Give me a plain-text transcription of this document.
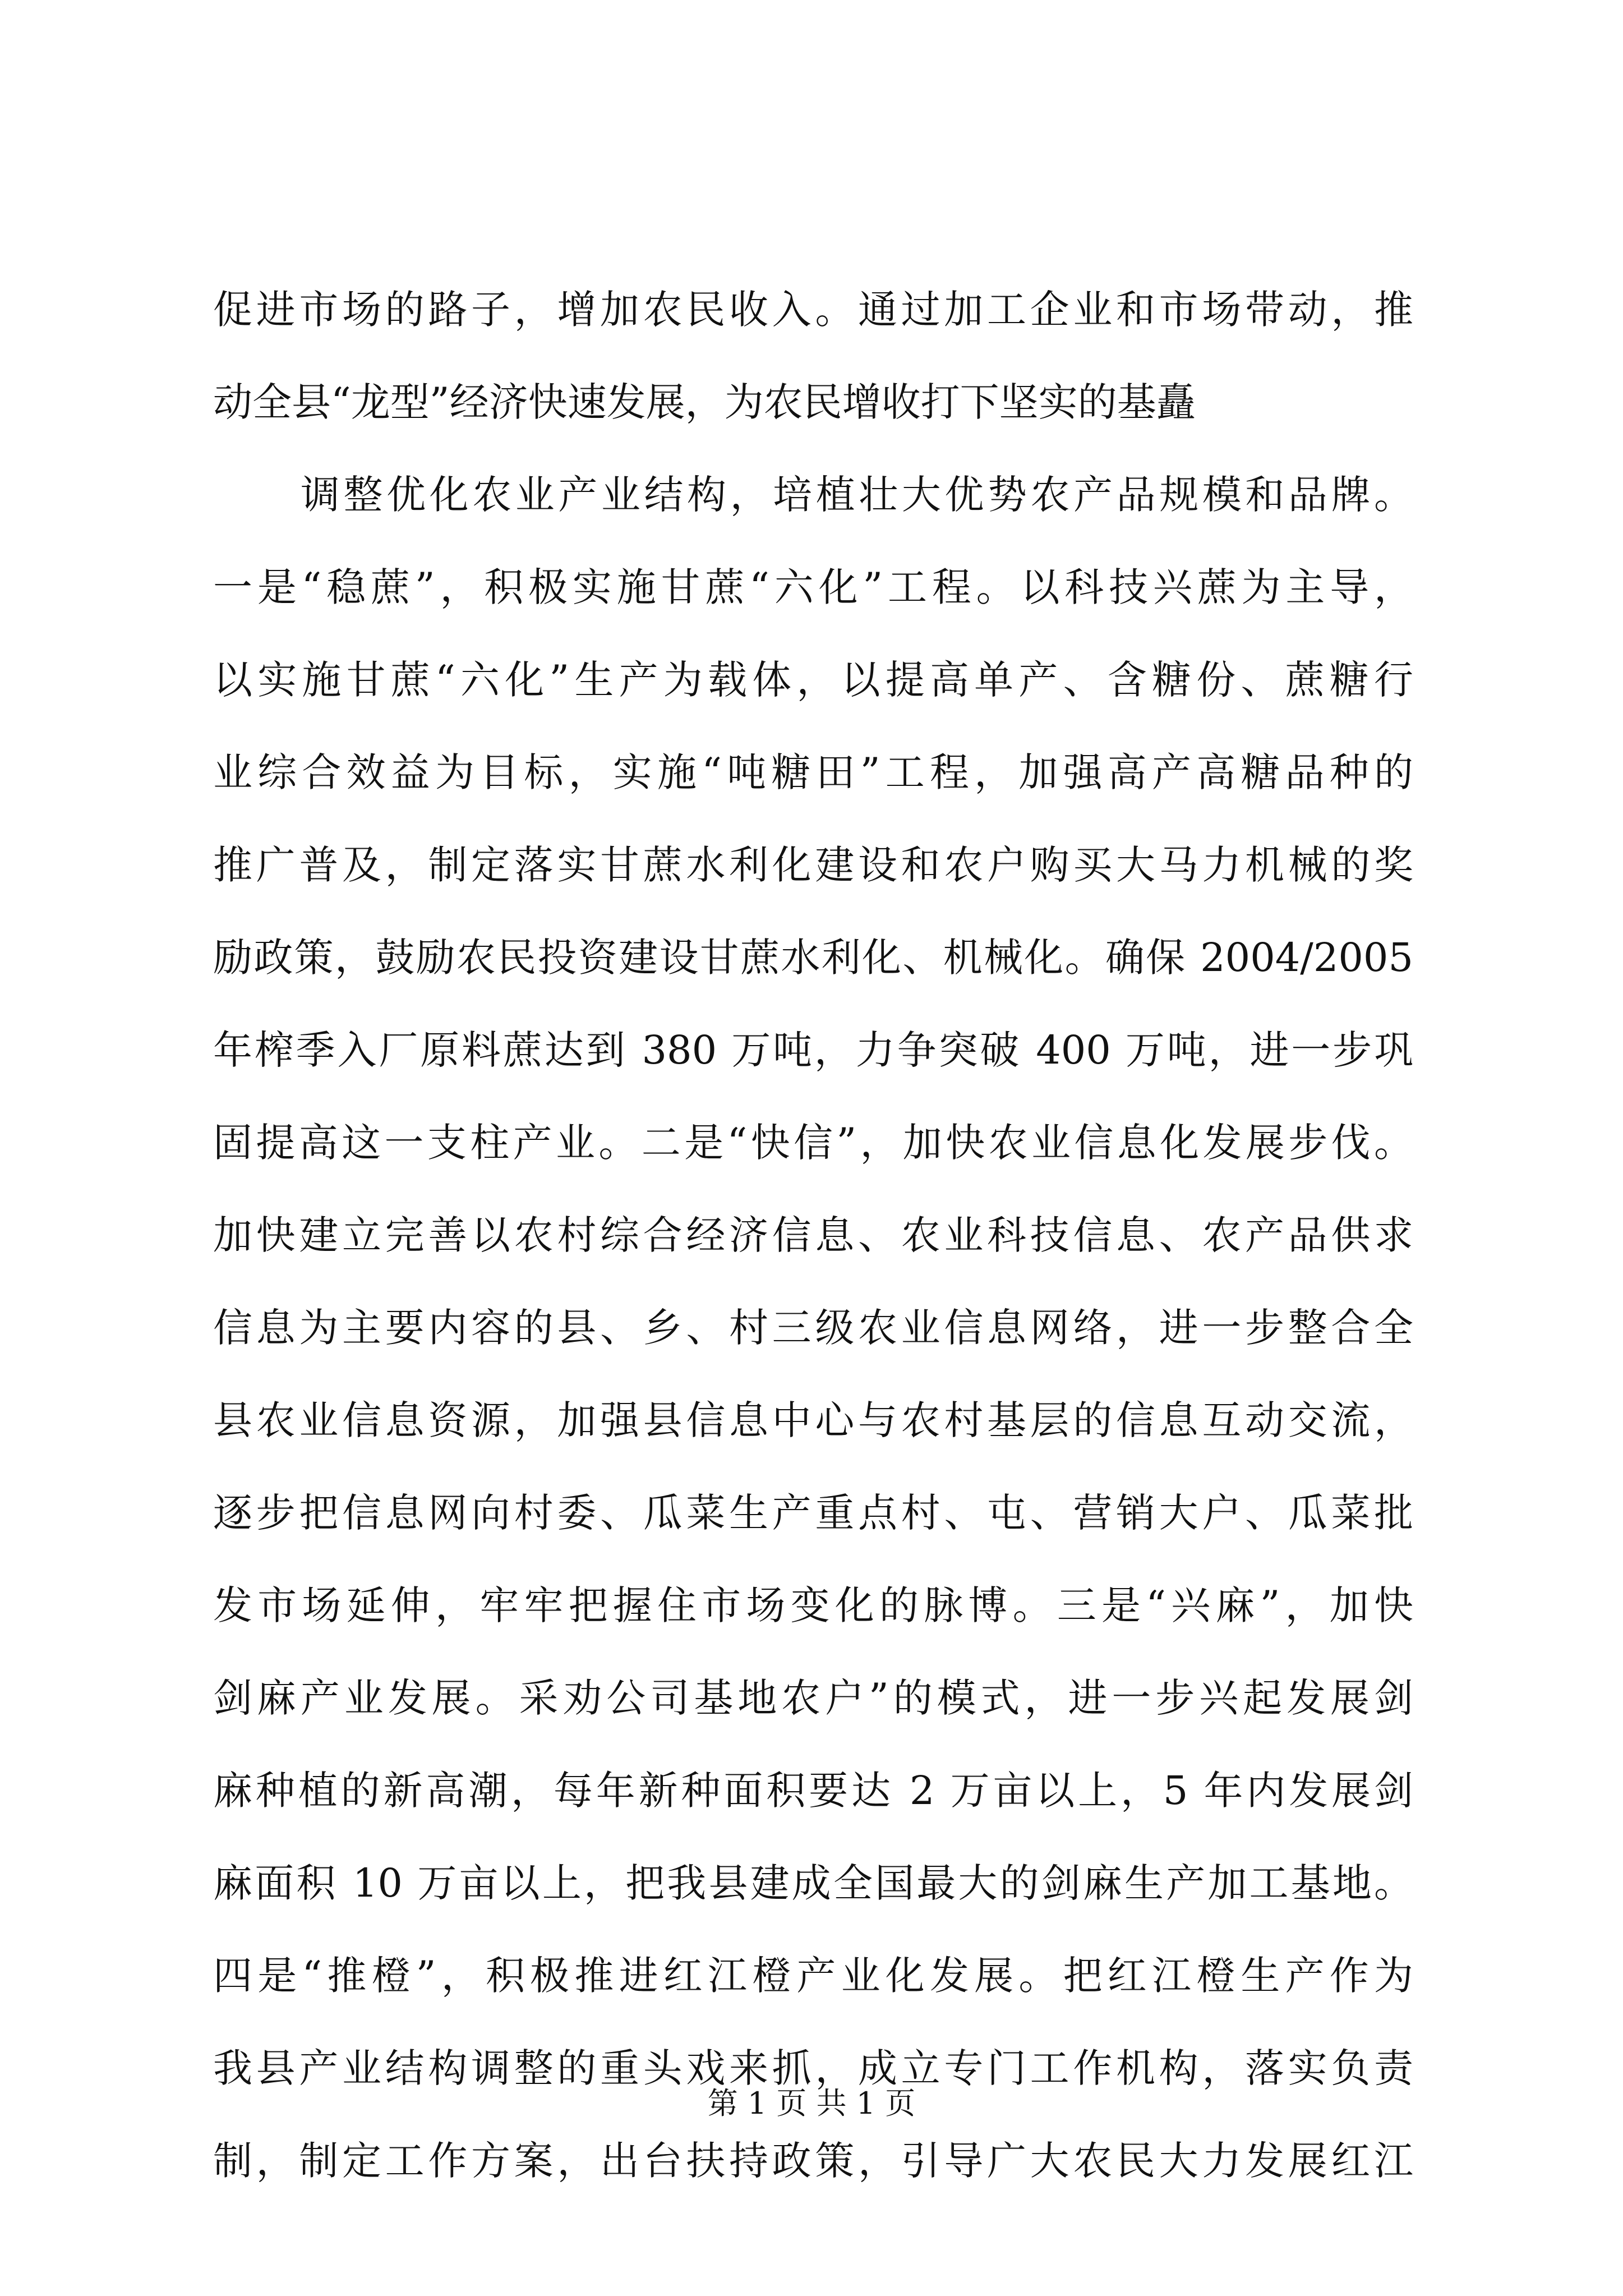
促进市场的路子，增加农民收入。通过加工企业和市场带动，推
动全县“龙型”经济快速发展，为农民增收打下坚实的基矗
调整优化农业产业结构，培植壮大优势农产品规模和品牌。
一是“稳蔗”，积极实施甘蔗“六化”工程。以科技兴蔗为主导，
以实施甘蔗“六化”生产为载体，以提高单产、含糖份、蔗糖行
业综合效益为目标，实施“吨糖田”工程，加强高产高糖品种的
推广普及，制定落实甘蔗水利化建设和农户购买大马力机械的奖
励政策，鼓励农民投资建设甘蔗水利化、机械化。确保 2004/2005
年榨季入厂原料蔗达到 380 万吨，力争突破 400 万吨，进一步巩
固提高这一支柱产业。二是“快信”，加快农业信息化发展步伐。
加快建立完善以农村综合经济信息、农业科技信息、农产品供求
信息为主要内容的县、乡、村三级农业信息网络，进一步整合全
县农业信息资源，加强县信息中心与农村基层的信息互动交流，
逐步把信息网向村委、瓜菜生产重点村、屯、营销大户、瓜菜批
发市场延伸，牢牢把握住市场变化的脉博。三是“兴麻”，加快
剑麻产业发展。采劝公司基地农户”的模式，进一步兴起发展剑
麻种植的新高潮，每年新种面积要达 2 万亩以上，5 年内发展剑
麻面积 10 万亩以上，把我县建成全国最大的剑麻生产加工基地。
四是“推橙”，积极推进红江橙产业化发展。把红江橙生产作为
我县产业结构调整的重头戏来抓，成立专门工作机构，落实负责
制，制定工作方案，出台扶持政策，引导广大农民大力发展红江
第 1 页 共 1 页
